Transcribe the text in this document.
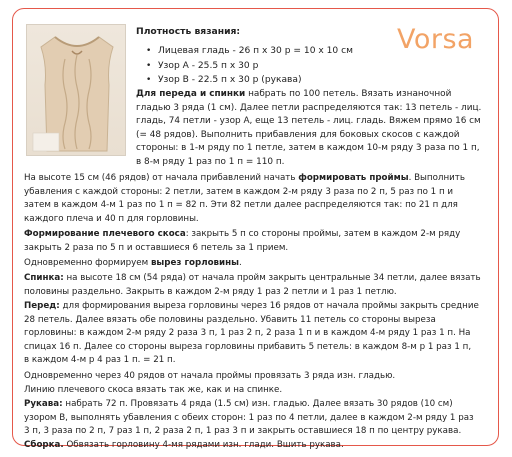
Vorsa
Плотность вязания:
• Лицевая гладь - 26 п х 30 р = 10 х 10 см
• Узор А - 25.5 п х 30 р
• Узор В - 22.5 п х 30 р (рукава)
Для переда и спинки набрать по 100 петель. Вязать изнаночной
гладью 3 ряда (1 см). Далее петли распределяются так: 13 петель - лиц.
гладь, 74 петли - узор А, еще 13 петель - лиц. гладь. Вяжем прямо 16 см
(= 48 рядов). Выполнить прибавления для боковых скосов с каждой
стороны: в 1-м ряду по 1 петле, затем в каждом 10-м ряду 3 раза по 1 п,
в 8-м ряду 1 раз по 1 п = 110 п.
На высоте 15 см (46 рядов) от начала прибавлений начать формировать проймы. Выполнить
убавления с каждой стороны: 2 петли, затем в каждом 2-м ряду 3 раза по 2 п, 5 раз по 1 п и
затем в каждом 4-м 1 раз по 1 п = 82 п. Эти 82 петли далее распределяются так: по 21 п для
каждого плеча и 40 п для горловины.
Формирование плечевого скоса: закрыть 5 п со стороны проймы, затем в каждом 2-м ряду
закрыть 2 раза по 5 п и оставшиеся 6 петель за 1 прием.
Одновременно формируем вырез горловины.
Спинка: на высоте 18 см (54 ряда) от начала пройм закрыть центральные 34 петли, далее вязать
половины раздельно. Закрыть в каждом 2-м ряду 1 раз 2 петли и 1 раз 1 петлю.
Перед: для формирования выреза горловины через 16 рядов от начала проймы закрыть средние
28 петель. Далее вязать обе половины раздельно. Убавить 11 петель со стороны выреза
горловины: в каждом 2-м ряду 2 раза 3 п, 1 раз 2 п, 2 раза 1 п и в каждом 4-м ряду 1 раз 1 п. На
спицах 16 п. Далее со стороны выреза горловины прибавить 5 петель: в каждом 8-м р 1 раз 1 п,
в каждом 4-м р 4 раз 1 п. = 21 п.
Одновременно через 40 рядов от начала проймы провязать 3 ряда изн. гладью.
Линию плечевого скоса вязать так же, как и на спинке.
Рукава: набрать 72 п. Провязать 4 ряда (1.5 см) изн. гладью. Далее вязать 30 рядов (10 см)
узором В, выполнять убавления с обеих сторон: 1 раз по 4 петли, далее в каждом 2-м ряду 1 раз
3 п, 3 раза по 2 п, 7 раз 1 п, 2 раза 2 п, 1 раз 3 п и закрыть оставшиеся 18 п по центру рукава.
Сборка. Обвязать горловину 4-мя рядами изн. глади. Вшить рукава.
